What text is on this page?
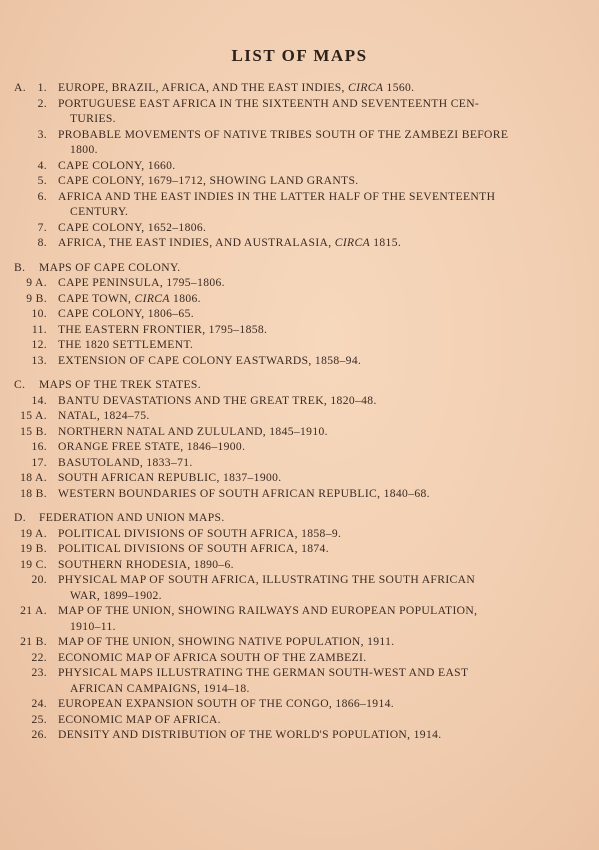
LIST OF MAPS
A.	1. EUROPE, BRAZIL, AFRICA, AND THE EAST INDIES, CIRCA 1560.
2. PORTUGUESE EAST AFRICA IN THE SIXTEENTH AND SEVENTEENTH CEN-
TURIES.
3. PROBABLE MOVEMENTS OF NATIVE TRIBES SOUTH OF THE ZAMBEZI BEFORE
1800.
4. CAPE COLONY, 1660.
5. CAPE COLONY, 1679–1712, SHOWING LAND GRANTS.
6. AFRICA AND THE EAST INDIES IN THE LATTER HALF OF THE SEVENTEENTH
CENTURY.
7. CAPE COLONY, 1652–1806.
8. AFRICA, THE EAST INDIES, AND AUSTRALASIA, CIRCA 1815.
B.	MAPS OF CAPE COLONY.
9 A. CAPE PENINSULA, 1795–1806.
9 B. CAPE TOWN, CIRCA 1806.
10. CAPE COLONY, 1806–65.
11. THE EASTERN FRONTIER, 1795–1858.
12. THE 1820 SETTLEMENT.
13. EXTENSION OF CAPE COLONY EASTWARDS, 1858–94.
C.	MAPS OF THE TREK STATES.
14. BANTU DEVASTATIONS AND THE GREAT TREK, 1820–48.
15 A. NATAL, 1824–75.
15 B. NORTHERN NATAL AND ZULULAND, 1845–1910.
16. ORANGE FREE STATE, 1846–1900.
17. BASUTOLAND, 1833–71.
18 A. SOUTH AFRICAN REPUBLIC, 1837–1900.
18 B. WESTERN BOUNDARIES OF SOUTH AFRICAN REPUBLIC, 1840–68.
D.	FEDERATION AND UNION MAPS.
19 A. POLITICAL DIVISIONS OF SOUTH AFRICA, 1858–9.
19 B. POLITICAL DIVISIONS OF SOUTH AFRICA, 1874.
19 C. SOUTHERN RHODESIA, 1890–6.
20. PHYSICAL MAP OF SOUTH AFRICA, ILLUSTRATING THE SOUTH AFRICAN
WAR, 1899–1902.
21 A. MAP OF THE UNION, SHOWING RAILWAYS AND EUROPEAN POPULATION,
1910–11.
21 B. MAP OF THE UNION, SHOWING NATIVE POPULATION, 1911.
22. ECONOMIC MAP OF AFRICA SOUTH OF THE ZAMBEZI.
23. PHYSICAL MAPS ILLUSTRATING THE GERMAN SOUTH-WEST AND EAST
AFRICAN CAMPAIGNS, 1914–18.
24. EUROPEAN EXPANSION SOUTH OF THE CONGO, 1866–1914.
25. ECONOMIC MAP OF AFRICA.
26. DENSITY AND DISTRIBUTION OF THE WORLD'S POPULATION, 1914.
